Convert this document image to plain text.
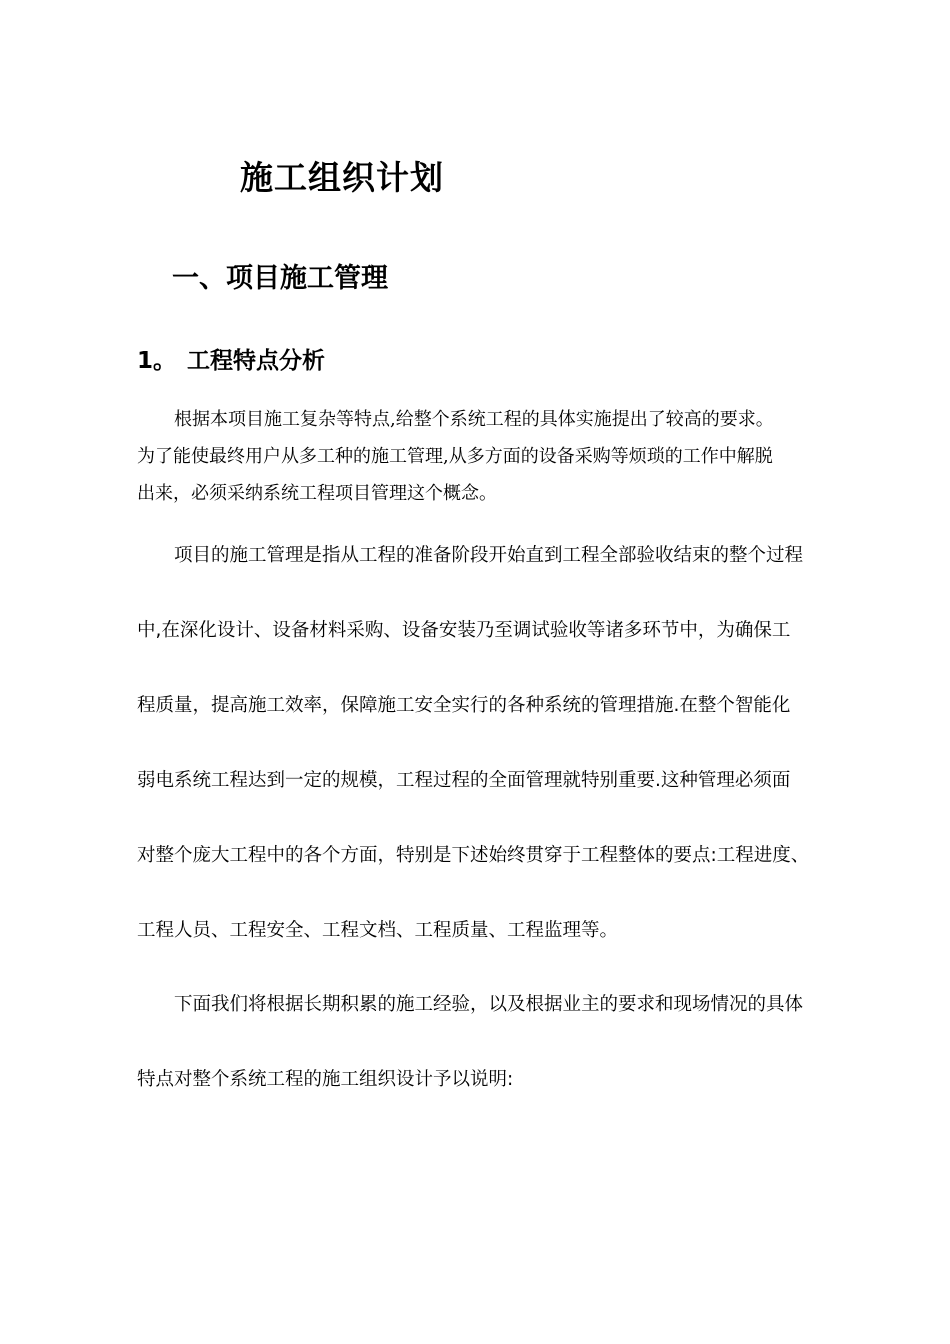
施工组织计划
一、项目施工管理
1。 工程特点分析

根据本项目施工复杂等特点,给整个系统工程的具体实施提出了较高的要求。
为了能使最终用户从多工种的施工管理,从多方面的设备采购等烦琐的工作中解脱
出来，必须采纳系统工程项目管理这个概念。

项目的施工管理是指从工程的准备阶段开始直到工程全部验收结束的整个过程
中,在深化设计、设备材料采购、设备安装乃至调试验收等诸多环节中，为确保工
程质量，提高施工效率，保障施工安全实行的各种系统的管理措施.在整个智能化
弱电系统工程达到一定的规模，工程过程的全面管理就特别重要.这种管理必须面
对整个庞大工程中的各个方面，特别是下述始终贯穿于工程整体的要点:工程进度、
工程人员、工程安全、工程文档、工程质量、工程监理等。

下面我们将根据长期积累的施工经验，以及根据业主的要求和现场情况的具体
特点对整个系统工程的施工组织设计予以说明:
